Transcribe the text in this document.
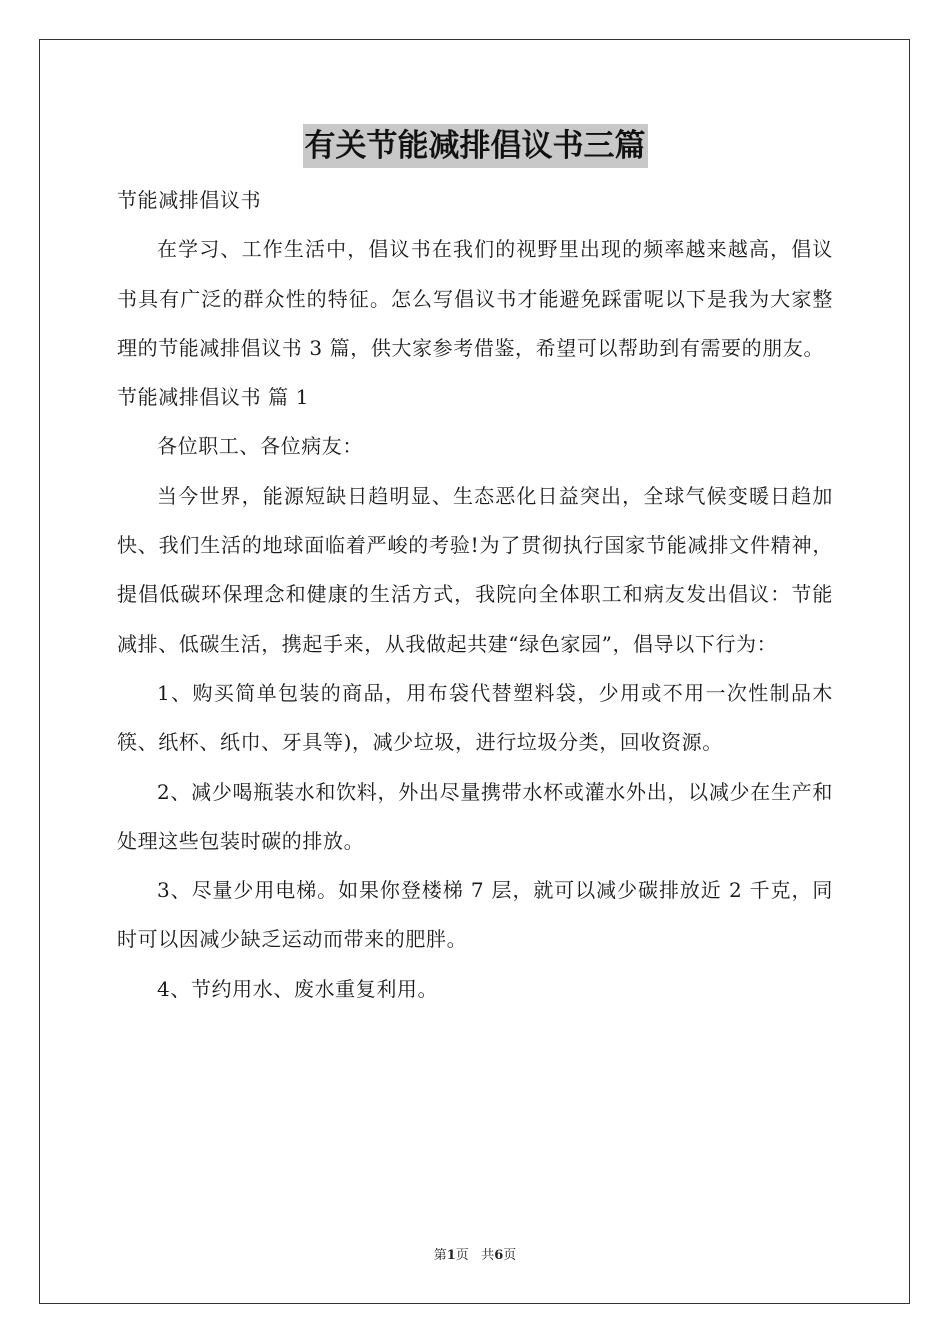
有关节能减排倡议书三篇

节能减排倡议书

在学习、工作生活中，倡议书在我们的视野里出现的频率越来越高，倡议书具有广泛的群众性的特征。怎么写倡议书才能避免踩雷呢以下是我为大家整理的节能减排倡议书 3 篇，供大家参考借鉴，希望可以帮助到有需要的朋友。

节能减排倡议书 篇 1

各位职工、各位病友：

当今世界，能源短缺日趋明显、生态恶化日益突出，全球气候变暖日趋加快、我们生活的地球面临着严峻的考验!为了贯彻执行国家节能减排文件精神，提倡低碳环保理念和健康的生活方式，我院向全体职工和病友发出倡议：节能减排、低碳生活，携起手来，从我做起共建“绿色家园”，倡导以下行为：

1、购买简单包装的商品，用布袋代替塑料袋，少用或不用一次性制品木筷、纸杯、纸巾、牙具等)，减少垃圾，进行垃圾分类，回收资源。

2、减少喝瓶装水和饮料，外出尽量携带水杯或灌水外出，以减少在生产和处理这些包装时碳的排放。

3、尽量少用电梯。如果你登楼梯 7 层，就可以减少碳排放近 2 千克，同时可以因减少缺乏运动而带来的肥胖。

4、节约用水、废水重复利用。

第1页 共6页
